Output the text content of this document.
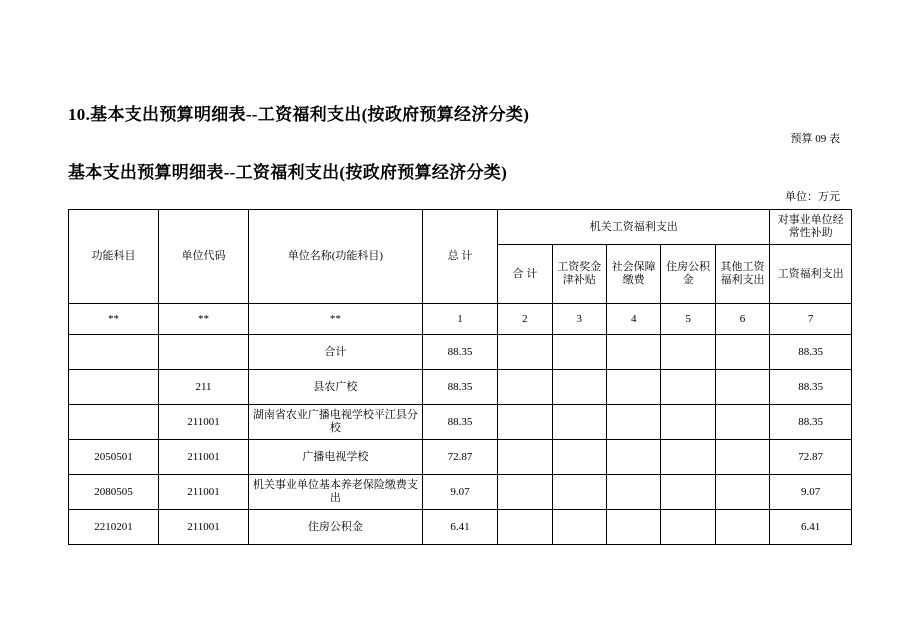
10.基本支出预算明细表--工资福利支出(按政府预算经济分类)
预算 09 表
基本支出预算明细表--工资福利支出(按政府预算经济分类)
单位：万元
功能科目	单位代码	单位名称(功能科目)	总 计	机关工资福利支出					对事业单位经常性补助
				合 计	工资奖金津补贴	社会保障缴费	住房公积金	其他工资福利支出	工资福利支出
**	**	**	1	2	3	4	5	6	7
		合计	88.35						88.35
	211	县农广校	88.35						88.35
	211001	湖南省农业广播电视学校平江县分校	88.35						88.35
2050501	211001	广播电视学校	72.87						72.87
2080505	211001	机关事业单位基本养老保险缴费支出	9.07						9.07
2210201	211001	住房公积金	6.41						6.41
